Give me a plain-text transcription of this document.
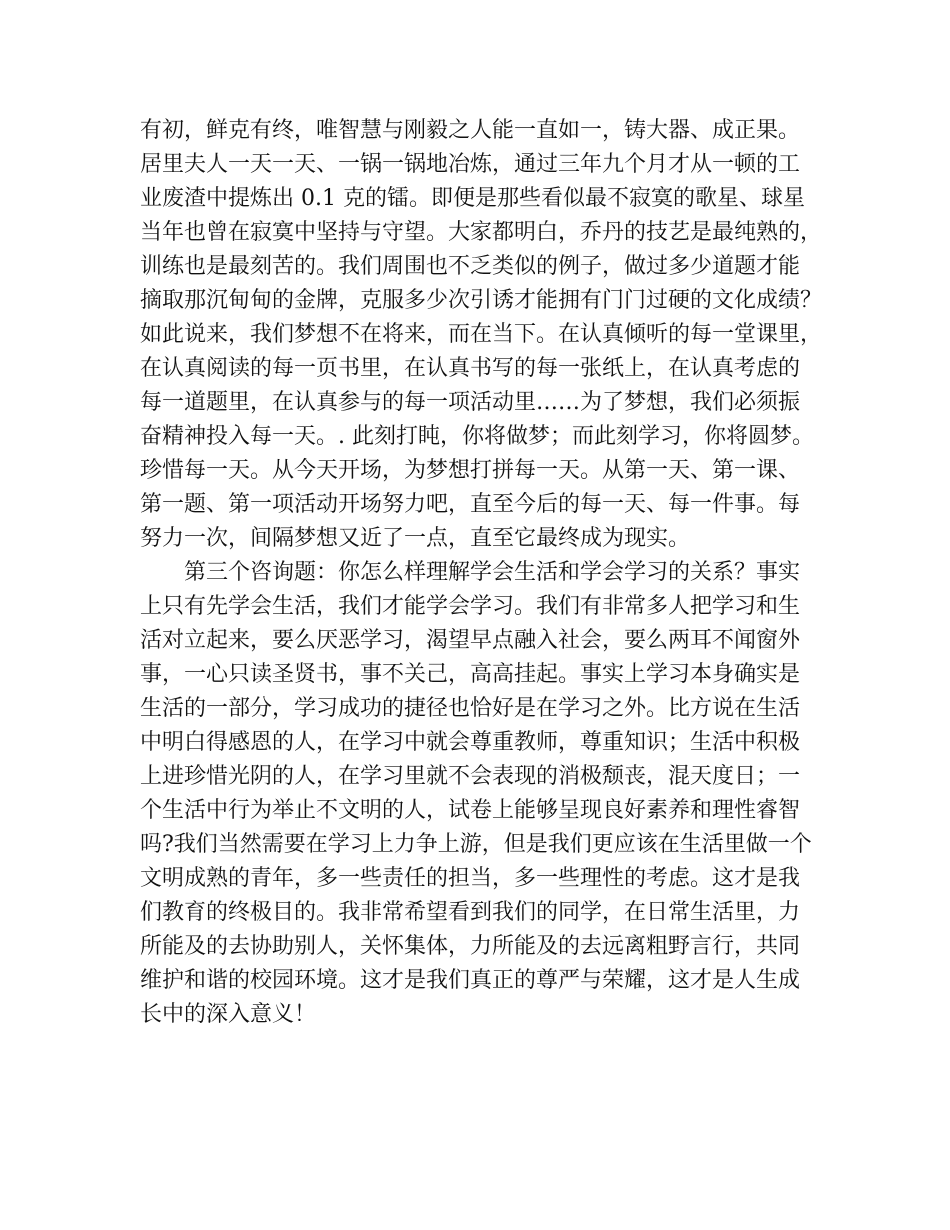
有初，鲜克有终，唯智慧与刚毅之人能一直如一，铸大器、成正果。
居里夫人一天一天、一锅一锅地冶炼，通过三年九个月才从一顿的工
业废渣中提炼出 0.1 克的镭。即便是那些看似最不寂寞的歌星、球星
当年也曾在寂寞中坚持与守望。大家都明白，乔丹的技艺是最纯熟的，
训练也是最刻苦的。我们周围也不乏类似的例子，做过多少道题才能
摘取那沉甸甸的金牌，克服多少次引诱才能拥有门门过硬的文化成绩？
如此说来，我们梦想不在将来，而在当下。在认真倾听的每一堂课里，
在认真阅读的每一页书里，在认真书写的每一张纸上，在认真考虑的
每一道题里，在认真参与的每一项活动里……为了梦想，我们必须振
奋精神投入每一天。. 此刻打盹，你将做梦；而此刻学习，你将圆梦。
珍惜每一天。从今天开场，为梦想打拼每一天。从第一天、第一课、
第一题、第一项活动开场努力吧，直至今后的每一天、每一件事。每
努力一次，间隔梦想又近了一点，直至它最终成为现实。
第三个咨询题：你怎么样理解学会生活和学会学习的关系？事实
上只有先学会生活，我们才能学会学习。我们有非常多人把学习和生
活对立起来，要么厌恶学习，渴望早点融入社会，要么两耳不闻窗外
事，一心只读圣贤书，事不关己，高高挂起。事实上学习本身确实是
生活的一部分，学习成功的捷径也恰好是在学习之外。比方说在生活
中明白得感恩的人，在学习中就会尊重教师，尊重知识；生活中积极
上进珍惜光阴的人，在学习里就不会表现的消极颓丧，混天度日；一
个生活中行为举止不文明的人，试卷上能够呈现良好素养和理性睿智
吗?我们当然需要在学习上力争上游，但是我们更应该在生活里做一个
文明成熟的青年，多一些责任的担当，多一些理性的考虑。这才是我
们教育的终极目的。我非常希望看到我们的同学，在日常生活里，力
所能及的去协助别人，关怀集体，力所能及的去远离粗野言行，共同
维护和谐的校园环境。这才是我们真正的尊严与荣耀，这才是人生成
长中的深入意义！
